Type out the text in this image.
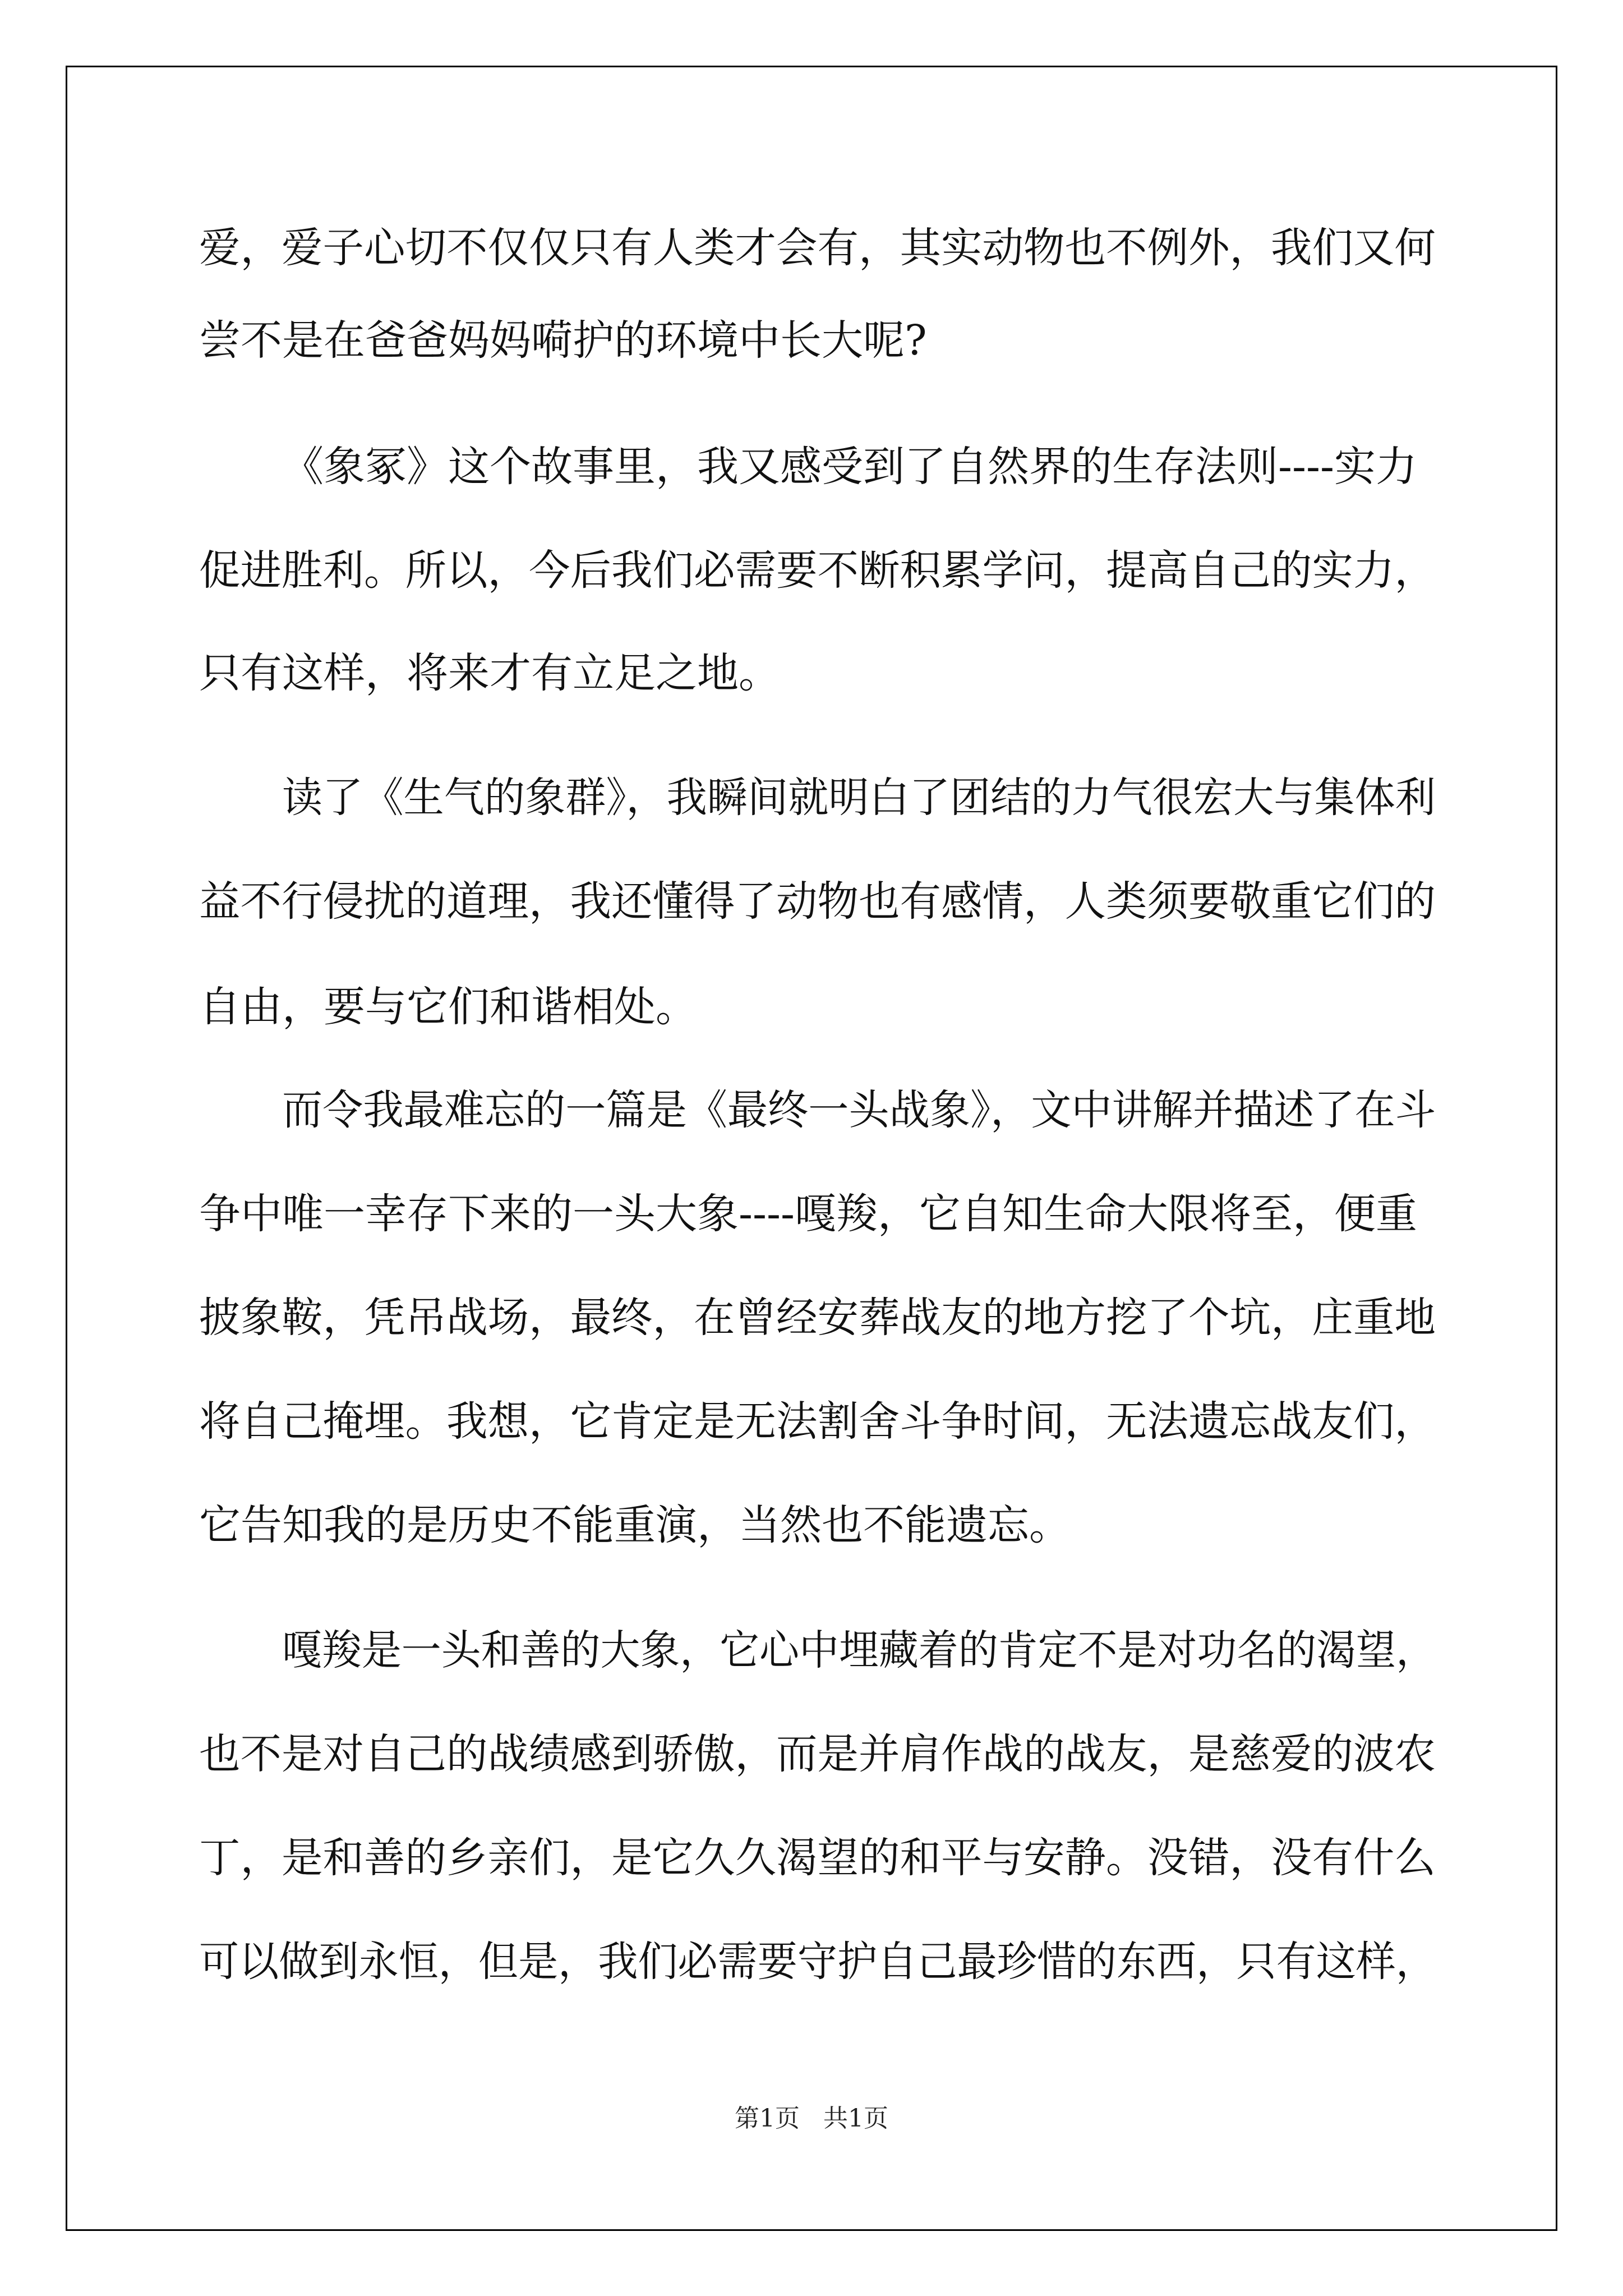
爱，爱子心切不仅仅只有人类才会有，其实动物也不例外，我们又何
尝不是在爸爸妈妈嗬护的环境中长大呢?
《象冢》这个故事里，我又感受到了自然界的生存法则----实力
促进胜利。所以，今后我们必需要不断积累学问，提高自己的实力，
只有这样，将来才有立足之地。
读了《生气的象群》，我瞬间就明白了团结的力气很宏大与集体利
益不行侵扰的道理，我还懂得了动物也有感情，人类须要敬重它们的
自由，要与它们和谐相处。
而令我最难忘的一篇是《最终一头战象》，文中讲解并描述了在斗
争中唯一幸存下来的一头大象----嘎羧，它自知生命大限将至，便重
披象鞍，凭吊战场，最终，在曾经安葬战友的地方挖了个坑，庄重地
将自己掩埋。我想，它肯定是无法割舍斗争时间，无法遗忘战友们，
它告知我的是历史不能重演，当然也不能遗忘。
嘎羧是一头和善的大象，它心中埋藏着的肯定不是对功名的渴望，
也不是对自己的战绩感到骄傲，而是并肩作战的战友，是慈爱的波农
丁，是和善的乡亲们，是它久久渴望的和平与安静。没错，没有什么
可以做到永恒，但是，我们必需要守护自己最珍惜的东西，只有这样，
第1页   共1页
